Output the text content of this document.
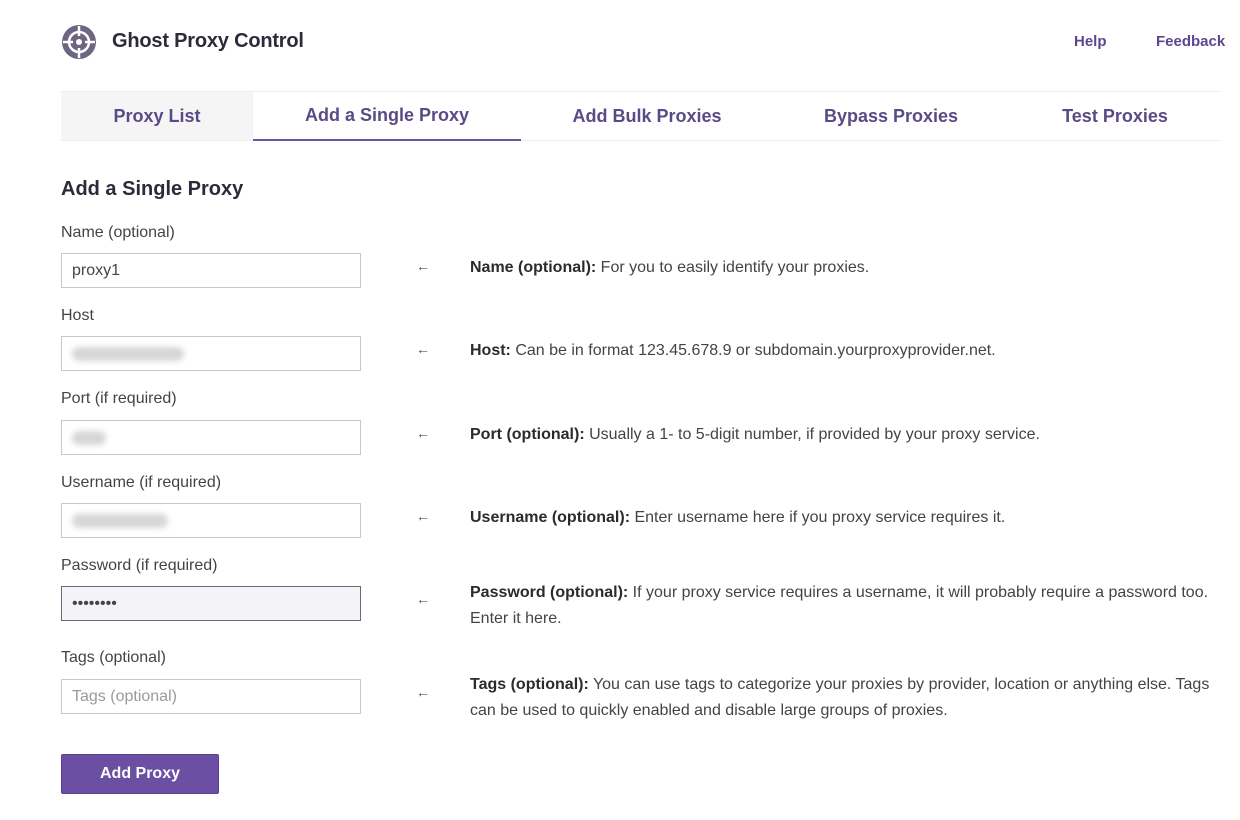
Ghost Proxy Control	Help	Feedback
Proxy List	Add a Single Proxy	Add Bulk Proxies	Bypass Proxies	Test Proxies
Add a Single Proxy
Name (optional)
proxy1
←	Name (optional): For you to easily identify your proxies.
Host
←	Host: Can be in format 123.45.678.9 or subdomain.yourproxyprovider.net.
Port (if required)
←	Port (optional): Usually a 1- to 5-digit number, if provided by your proxy service.
Username (if required)
←	Username (optional): Enter username here if you proxy service requires it.
Password (if required)
••••••••
←	Password (optional): If your proxy service requires a username, it will probably require a password too. Enter it here.
Tags (optional)
Tags (optional)
←	Tags (optional): You can use tags to categorize your proxies by provider, location or anything else. Tags can be used to quickly enabled and disable large groups of proxies.
Add Proxy
